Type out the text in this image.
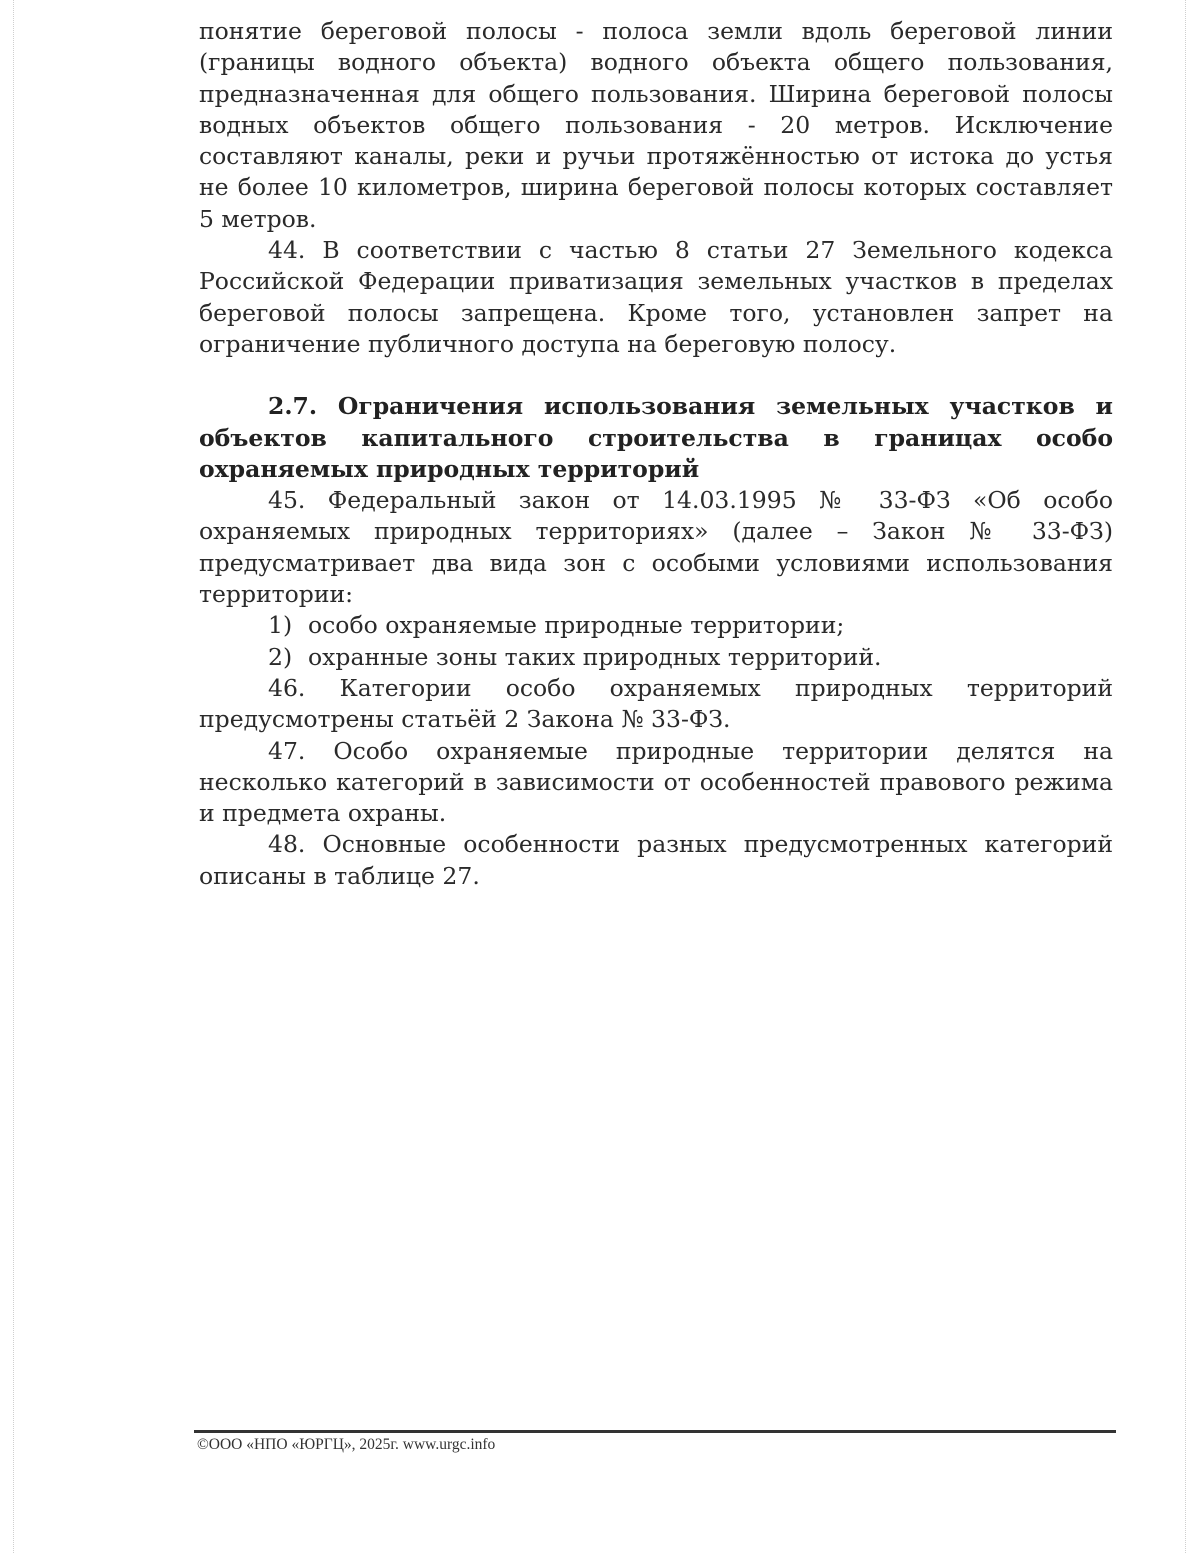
понятие береговой полосы - полоса земли вдоль береговой линии (границы водного объекта) водного объекта общего пользования, предназначенная для общего пользования. Ширина береговой полосы водных объектов общего пользования - 20 метров. Исключение составляют каналы, реки и ручьи протяжённостью от истока до устья не более 10 километров, ширина береговой полосы которых составляет 5 метров.

44. В соответствии с частью 8 статьи 27 Земельного кодекса Российской Федерации приватизация земельных участков в пределах береговой полосы запрещена. Кроме того, установлен запрет на ограничение публичного доступа на береговую полосу.

2.7. Ограничения использования земельных участков и объектов капитального строительства в границах особо охраняемых природных территорий

45. Федеральный закон от 14.03.1995 № 33-ФЗ «Об особо охраняемых природных территориях» (далее – Закон № 33-ФЗ) предусматривает два вида зон с особыми условиями использования территории:

1) особо охраняемые природные территории;

2) охранные зоны таких природных территорий.

46. Категории особо охраняемых природных территорий предусмотрены статьёй 2 Закона № 33-ФЗ.

47. Особо охраняемые природные территории делятся на несколько категорий в зависимости от особенностей правового режима и предмета охраны.

48. Основные особенности разных предусмотренных категорий описаны в таблице 27.

©ООО «НПО «ЮРГЦ», 2025г. www.urgc.info
